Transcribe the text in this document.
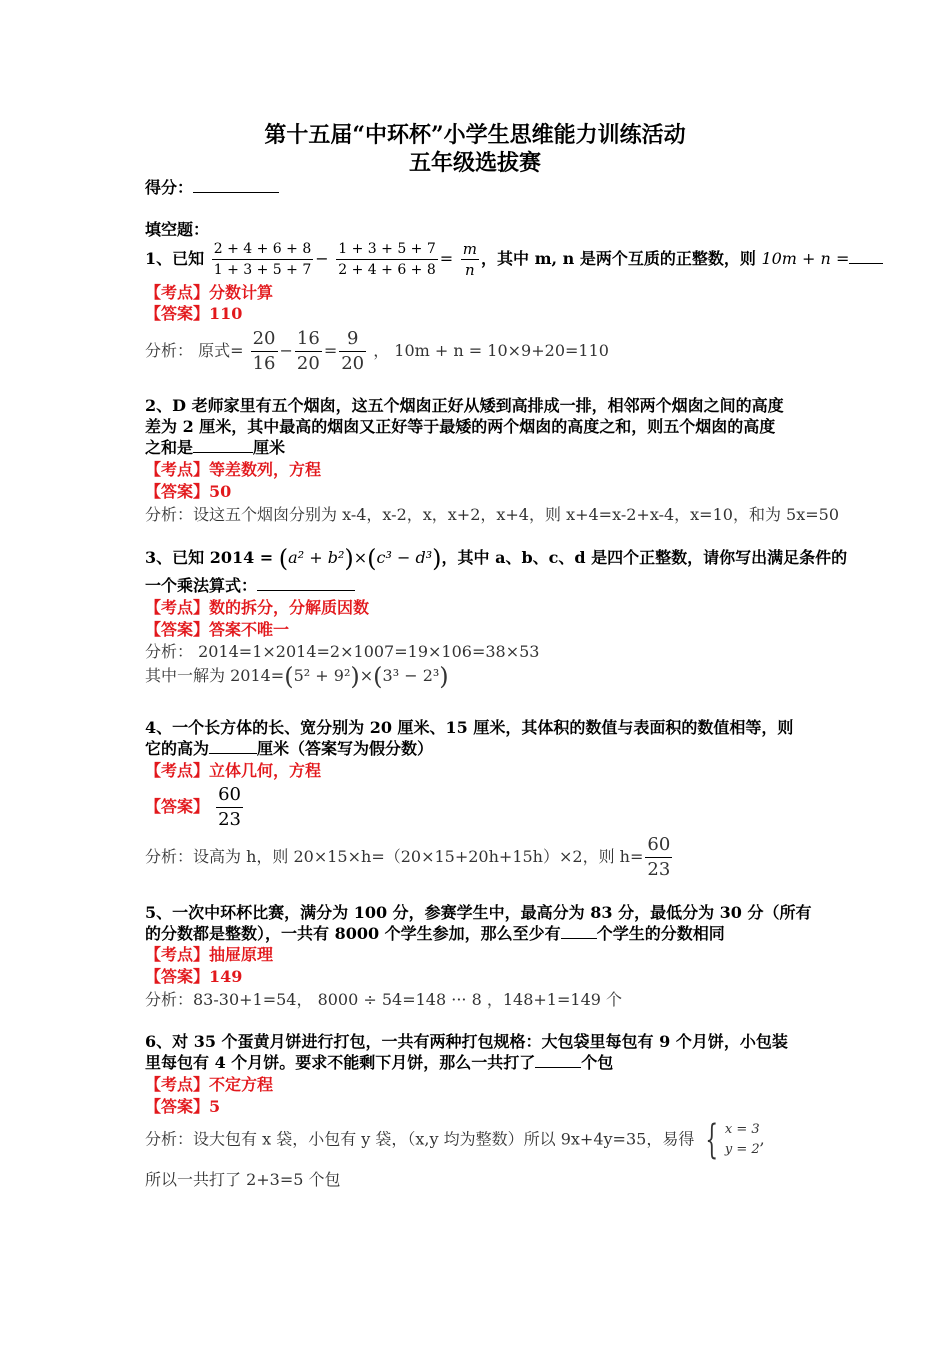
第十五届“中环杯”小学生思维能力训练活动
五年级选拔赛
得分：
填空题：
1、已知 $\frac{2 + 4 + 6 + 8}{1 + 3 + 5 + 7} - \frac{1 + 3 + 5 + 7}{2 + 4 + 6 + 8} = \frac{m}{n}$ ，其中 m, n 是两个互质的正整数，则 10m + n =
【考点】分数计算
【答案】110
分析： 原式= $\frac{20}{16} - \frac{16}{20} = \frac{9}{20}$ ， 10m + n = 10×9+20=110
2、D 老师家里有五个烟囱，这五个烟囱正好从矮到高排成一排，相邻两个烟囱之间的高度
差为 2 厘米，其中最高的烟囱又正好等于最矮的两个烟囱的高度之和，则五个烟囱的高度
之和是	厘米
【考点】等差数列，方程
【答案】50
分析：设这五个烟囱分别为 x-4，x-2，x，x+2，x+4，则 x+4=x-2+x-4，x=10，和为 5x=50
3、已知 2014 = (a² + b²)×(c³ − d³)，其中 a、b、c、d 是四个正整数，请你写出满足条件的
一个乘法算式：
【考点】数的拆分，分解质因数
【答案】答案不唯一
分析： 2014=1×2014=2×1007=19×106=38×53
其中一解为 2014=(5² + 9²)×(3³ − 2³)
4、一个长方体的长、宽分别为 20 厘米、15 厘米，其体积的数值与表面积的数值相等，则
它的高为	厘米（答案写为假分数）
【考点】立体几何，方程
【答案】 $\frac{60}{23}$
分析：设高为 h，则 20×15×h=（20×15+20h+15h）×2，则 $h= \frac{60}{23}$
5、一次中环杯比赛，满分为 100 分，参赛学生中，最高分为 83 分，最低分为 30 分（所有
的分数都是整数），一共有 8000 个学生参加，那么至少有 个学生的分数相同
【考点】抽屉原理
【答案】149
分析：83-30+1=54， 8000 ÷ 54=148 ··· 8 ，148+1=149 个
6、对 35 个蛋黄月饼进行打包，一共有两种打包规格：大包袋里每包有 9 个月饼，小包装
里每包有 4 个月饼。要求不能剩下月饼，那么一共打了	个包
【考点】不定方程
【答案】5
分析：设大包有 x 袋，小包有 y 袋，（x,y 均为整数）所以 9x+4y=35，易得 { x = 3
y = 2
,
所以一共打了 2+3=5 个包
